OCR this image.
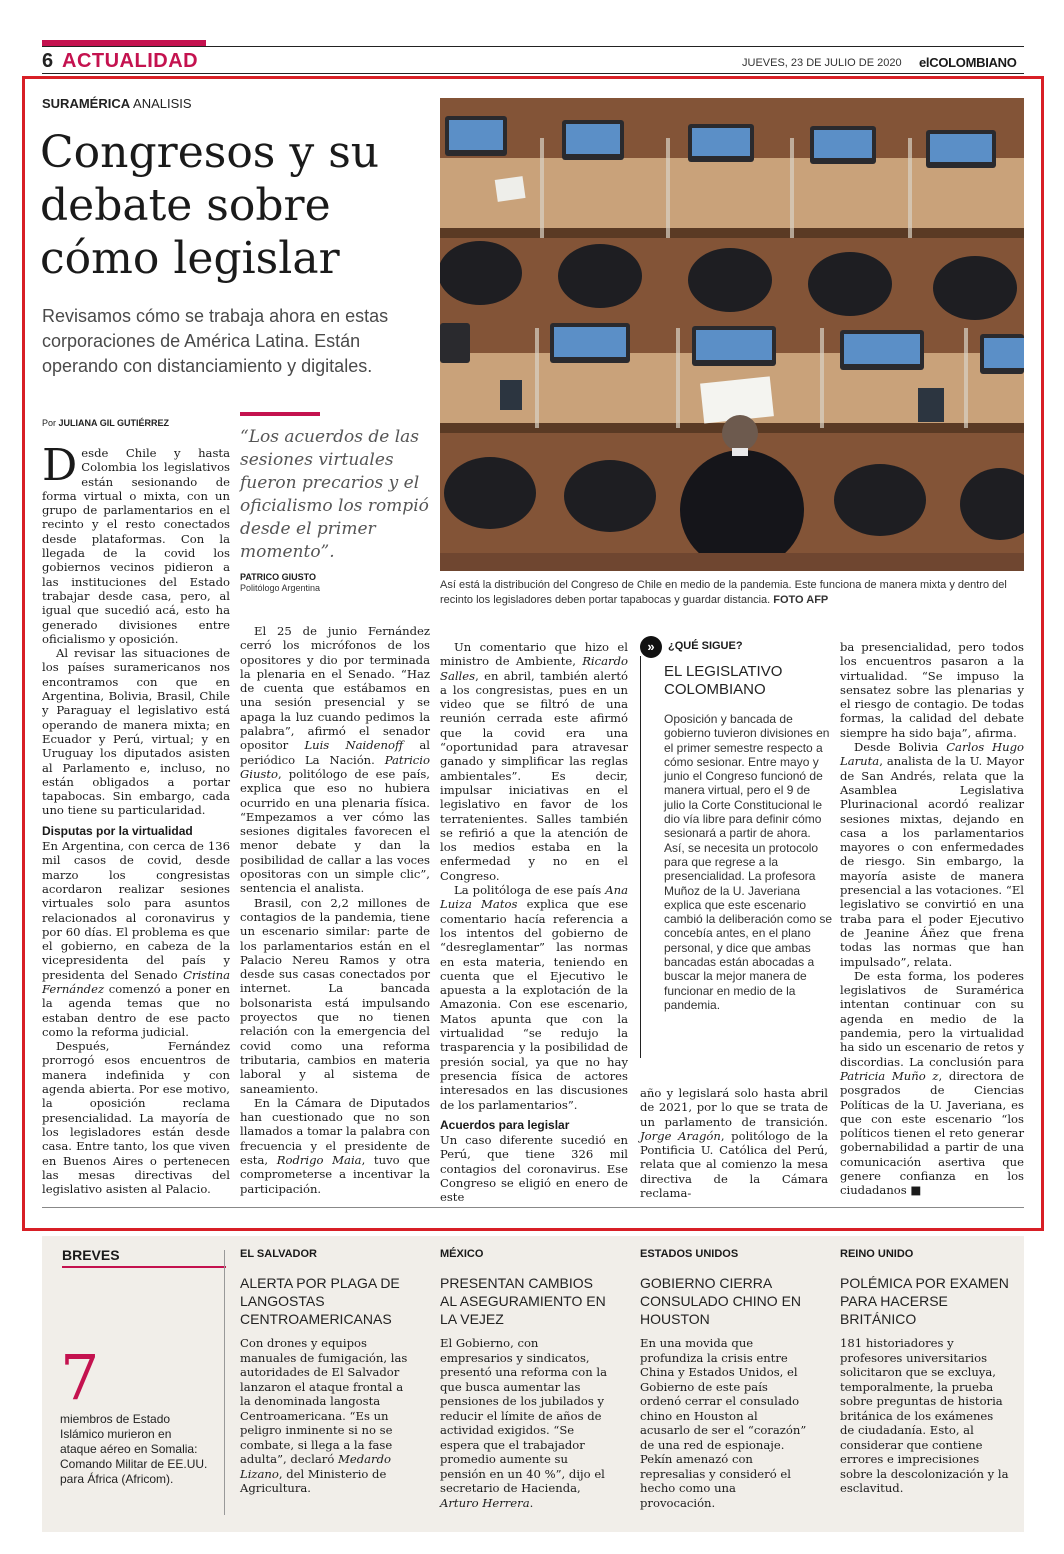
6 ACTUALIDAD	JUEVES, 23 DE JULIO DE 2020 elCOLOMBIANO
SURAMÉRICA ANALISIS
Congresos y su debate sobre cómo legislar
Revisamos cómo se trabaja ahora en estas corporaciones de América Latina. Están operando con distanciamiento y digitales.
Por JULIANA GIL GUTIÉRREZ
Así está la distribución del Congreso de Chile en medio de la pandemia. Este funciona de manera mixta y dentro del recinto los legisladores deben portar tapabocas y guardar distancia. FOTO AFP
“Los acuerdos de las sesiones virtuales fueron precarios y el oficialismo los rompió desde el primer momento”.
PATRICO GIUSTO
Politólogo Argentina

Desde Chile y hasta Colombia los legislativos están sesionando de forma virtual o mixta, con un grupo de parlamentarios en el recinto y el resto conectados desde plataformas. Con la llegada de la covid los gobiernos vecinos pidieron a las instituciones del Estado trabajar desde casa, pero, al igual que sucedió acá, esto ha generado divisiones entre oficialismo y oposición.

Al revisar las situaciones de los países suramericanos nos encontramos con que en Argentina, Bolivia, Brasil, Chile y Paraguay el legislativo está operando de manera mixta; en Ecuador y Perú, virtual; y en Uruguay los diputados asisten al Parlamento e, incluso, no están obligados a portar tapabocas. Sin embargo, cada uno tiene su particularidad.

Disputas por la virtualidad

En Argentina, con cerca de 136 mil casos de covid, desde marzo los congresistas acordaron realizar sesiones virtuales solo para asuntos relacionados al coronavirus y por 60 días. El problema es que el gobierno, en cabeza de la vicepresidenta del país y presidenta del Senado Cristina Fernández comenzó a poner en la agenda temas que no estaban dentro de ese pacto como la reforma judicial.

Después, Fernández prorrogó esos encuentros de manera indefinida y con agenda abierta. Por ese motivo, la oposición reclama presencialidad. La mayoría de los legisladores están desde casa. Entre tanto, los que viven en Buenos Aires o pertenecen las mesas directivas del legislativo asisten al Palacio.

El 25 de junio Fernández cerró los micrófonos de los opositores y dio por terminada la plenaria en el Senado. “Haz de cuenta que estábamos en una sesión presencial y se apaga la luz cuando pedimos la palabra”, afirmó el senador opositor Luis Naidenoff al periódico La Nación. Patricio Giusto, politólogo de ese país, explica que eso no hubiera ocurrido en una plenaria física. “Empezamos a ver cómo las sesiones digitales favorecen el menor debate y dan la posibilidad de callar a las voces opositoras con un simple clic”, sentencia el analista.

Brasil, con 2,2 millones de contagios de la pandemia, tiene un escenario similar: parte de los parlamentarios están en el Palacio Nereu Ramos y otra desde sus casas conectados por internet. La bancada bolsonarista está impulsando proyectos que no tienen relación con la emergencia del covid como una reforma tributaria, cambios en materia laboral y al sistema de saneamiento.

En la Cámara de Diputados han cuestionado que no son llamados a tomar la palabra con frecuencia y el presidente de esta, Rodrigo Maia, tuvo que comprometerse a incentivar la participación.

Un comentario que hizo el ministro de Ambiente, Ricardo Salles, en abril, también alertó a los congresistas, pues en un video que se filtró de una reunión cerrada este afirmó que la covid era una “oportunidad para atravesar ganado y simplificar las reglas ambientales”. Es decir, impulsar iniciativas en el legislativo en favor de los terratenientes. Salles también se refirió a que la atención de los medios estaba en la enfermedad y no en el Congreso.

La politóloga de ese país Ana Luiza Matos explica que ese comentario hacía referencia a los intentos del gobierno de “desreglamentar” las normas en esta materia, teniendo en cuenta que el Ejecutivo le apuesta a la explotación de la Amazonia. Con ese escenario, Matos apunta que con la virtualidad “se redujo la trasparencia y la posibilidad de presión social, ya que no hay presencia física de actores interesados en las discusiones de los parlamentarios”.

Acuerdos para legislar

Un caso diferente sucedió en Perú, que tiene 326 mil contagios del coronavirus. Ese Congreso se eligió en enero de este

»	¿QUÉ SIGUE?
EL LEGISLATIVO COLOMBIANO
Oposición y bancada de gobierno tuvieron divisiones en el primer semestre respecto a cómo sesionar. Entre mayo y junio el Congreso funcionó de manera virtual, pero el 9 de julio la Corte Constitucional le dio vía libre para definir cómo sesionará a partir de ahora. Así, se necesita un protocolo para que regrese a la presencialidad. La profesora Muñoz de la U. Javeriana explica que este escenario cambió la deliberación como se concebía antes, en el plano personal, y dice que ambas bancadas están abocadas a buscar la mejor manera de funcionar en medio de la pandemia.

año y legislará solo hasta abril de 2021, por lo que se trata de un parlamento de transición. Jorge Aragón, politólogo de la Pontificia U. Católica del Perú, relata que al comienzo la mesa directiva de la Cámara reclama-

ba presencialidad, pero todos los encuentros pasaron a la virtualidad. “Se impuso la sensatez sobre las plenarias y el riesgo de contagio. De todas formas, la calidad del debate siempre ha sido baja”, afirma.

Desde Bolivia Carlos Hugo Laruta, analista de la U. Mayor de San Andrés, relata que la Asamblea Legislativa Plurinacional acordó realizar sesiones mixtas, dejando en casa a los parlamentarios mayores o con enfermedades de riesgo. Sin embargo, la mayoría asiste de manera presencial a las votaciones. “El legislativo se convirtió en una traba para el poder Ejecutivo de Jeanine Áñez que frena todas las normas que han impulsado”, relata.

De esta forma, los poderes legislativos de Suramérica intentan continuar con su agenda en medio de la pandemia, pero la virtualidad ha sido un escenario de retos y discordias. La conclusión para Patricia Muño z, directora de posgrados de Ciencias Políticas de la U. Javeriana, es que con este escenario “los políticos tienen el reto generar gobernabilidad a partir de una comunicación asertiva que genere confianza en los ciudadanos ■

BREVES
7
miembros de Estado Islámico murieron en ataque aéreo en Somalia: Comando Militar de EE.UU. para África (Africom).

EL SALVADOR

ALERTA POR PLAGA DE LANGOSTAS CENTROAMERICANAS

Con drones y equipos manuales de fumigación, las autoridades de El Salvador lanzaron el ataque frontal a la denominada langosta Centroamericana. “Es un peligro inminente si no se combate, si llega a la fase adulta”, declaró Medardo Lizano, del Ministerio de Agricultura.

MÉXICO

PRESENTAN CAMBIOS AL ASEGURAMIENTO EN LA VEJEZ

El Gobierno, con empresarios y sindicatos, presentó una reforma con la que busca aumentar las pensiones de los jubilados y reducir el límite de años de actividad exigidos. “Se espera que el trabajador promedio aumente su pensión en un 40 %”, dijo el secretario de Hacienda, Arturo Herrera.

ESTADOS UNIDOS

GOBIERNO CIERRA CONSULADO CHINO EN HOUSTON

En una movida que profundiza la crisis entre China y Estados Unidos, el Gobierno de este país ordenó cerrar el consulado chino en Houston al acusarlo de ser el “corazón” de una red de espionaje. Pekín amenazó con represalias y consideró el hecho como una provocación.

REINO UNIDO

POLÉMICA POR EXAMEN PARA HACERSE BRITÁNICO

181 historiadores y profesores universitarios solicitaron que se excluya, temporalmente, la prueba sobre preguntas de historia británica de los exámenes de ciudadanía. Esto, al considerar que contiene errores e imprecisiones sobre la descolonización y la esclavitud.
